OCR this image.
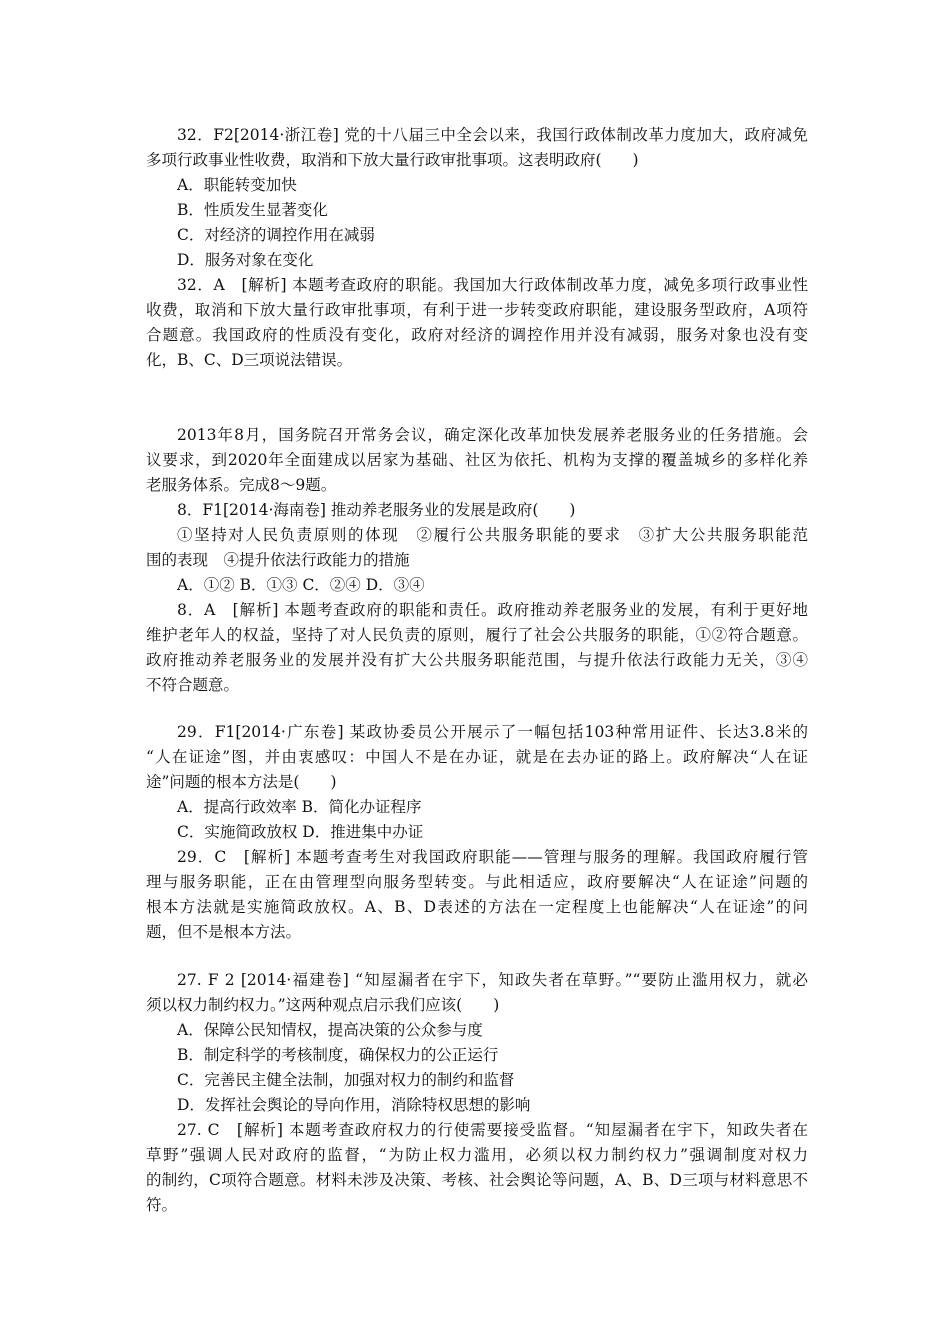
32．F2[2014·浙江卷] 党的十八届三中全会以来，我国行政体制改革力度加大，政府减免
多项行政事业性收费，取消和下放大量行政审批事项。这表明政府(　　)
A．职能转变加快
B．性质发生显著变化
C．对经济的调控作用在减弱
D．服务对象在变化
32．A　[解析] 本题考查政府的职能。我国加大行政体制改革力度，减免多项行政事业性
收费，取消和下放大量行政审批事项，有利于进一步转变政府职能，建设服务型政府，A项符
合题意。我国政府的性质没有变化，政府对经济的调控作用并没有减弱，服务对象也没有变
化，B、C、D三项说法错误。
2013年8月，国务院召开常务会议，确定深化改革加快发展养老服务业的任务措施。会
议要求，到2020年全面建成以居家为基础、社区为依托、机构为支撑的覆盖城乡的多样化养
老服务体系。完成8～9题。
8．F1[2014·海南卷] 推动养老服务业的发展是政府(　　)
①坚持对人民负责原则的体现　②履行公共服务职能的要求　③扩大公共服务职能范
围的表现　④提升依法行政能力的措施
A．①② B．①③ C．②④ D．③④
8．A　[解析] 本题考查政府的职能和责任。政府推动养老服务业的发展，有利于更好地
维护老年人的权益，坚持了对人民负责的原则，履行了社会公共服务的职能，①②符合题意。
政府推动养老服务业的发展并没有扩大公共服务职能范围，与提升依法行政能力无关，③④
不符合题意。
29．F1[2014·广东卷] 某政协委员公开展示了一幅包括103种常用证件、长达3.8米的
“人在证途”图，并由衷感叹：中国人不是在办证，就是在去办证的路上。政府解决“人在证
途”问题的根本方法是(　　)
A．提高行政效率 B．简化办证程序
C．实施简政放权 D．推进集中办证
29．C　[解析] 本题考查考生对我国政府职能——管理与服务的理解。我国政府履行管
理与服务职能，正在由管理型向服务型转变。与此相适应，政府要解决“人在证途”问题的
根本方法就是实施简政放权。A、B、D表述的方法在一定程度上也能解决“人在证途”的问
题，但不是根本方法。
27. F 2 [2014·福建卷] “知屋漏者在宇下，知政失者在草野。”“要防止滥用权力，就必
须以权力制约权力。”这两种观点启示我们应该(　　)
A．保障公民知情权，提高决策的公众参与度
B．制定科学的考核制度，确保权力的公正运行
C．完善民主健全法制，加强对权力的制约和监督
D．发挥社会舆论的导向作用，消除特权思想的影响
27. C　[解析] 本题考查政府权力的行使需要接受监督。“知屋漏者在宇下，知政失者在
草野”强调人民对政府的监督，“为防止权力滥用，必须以权力制约权力”强调制度对权力
的制约，C项符合题意。材料未涉及决策、考核、社会舆论等问题，A、B、D三项与材料意思不
符。
